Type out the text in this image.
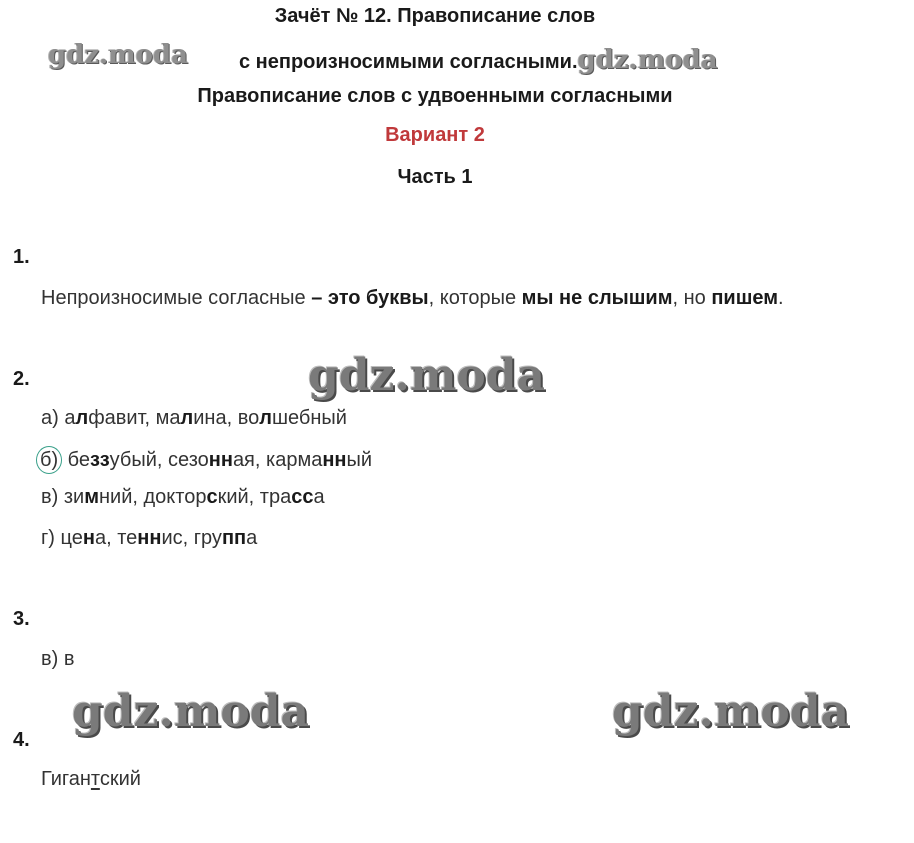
Зачёт № 12. Правописание слов
с непроизносимыми согласными.gdz.moda
gdz.moda
Правописание слов с удвоенными согласными
Вариант 2
Часть 1
1.
Непроизносимые согласные – это буквы, которые мы не слышим, но пишем.
2.	gdz.moda
а) алфавит, малина, волшебный
б) беззубый, сезонная, карманный
в) зимний, докторский, трасса
г) цена, теннис, группа
3.
в) в
gdz.moda	gdz.moda
4.
Гигантский
